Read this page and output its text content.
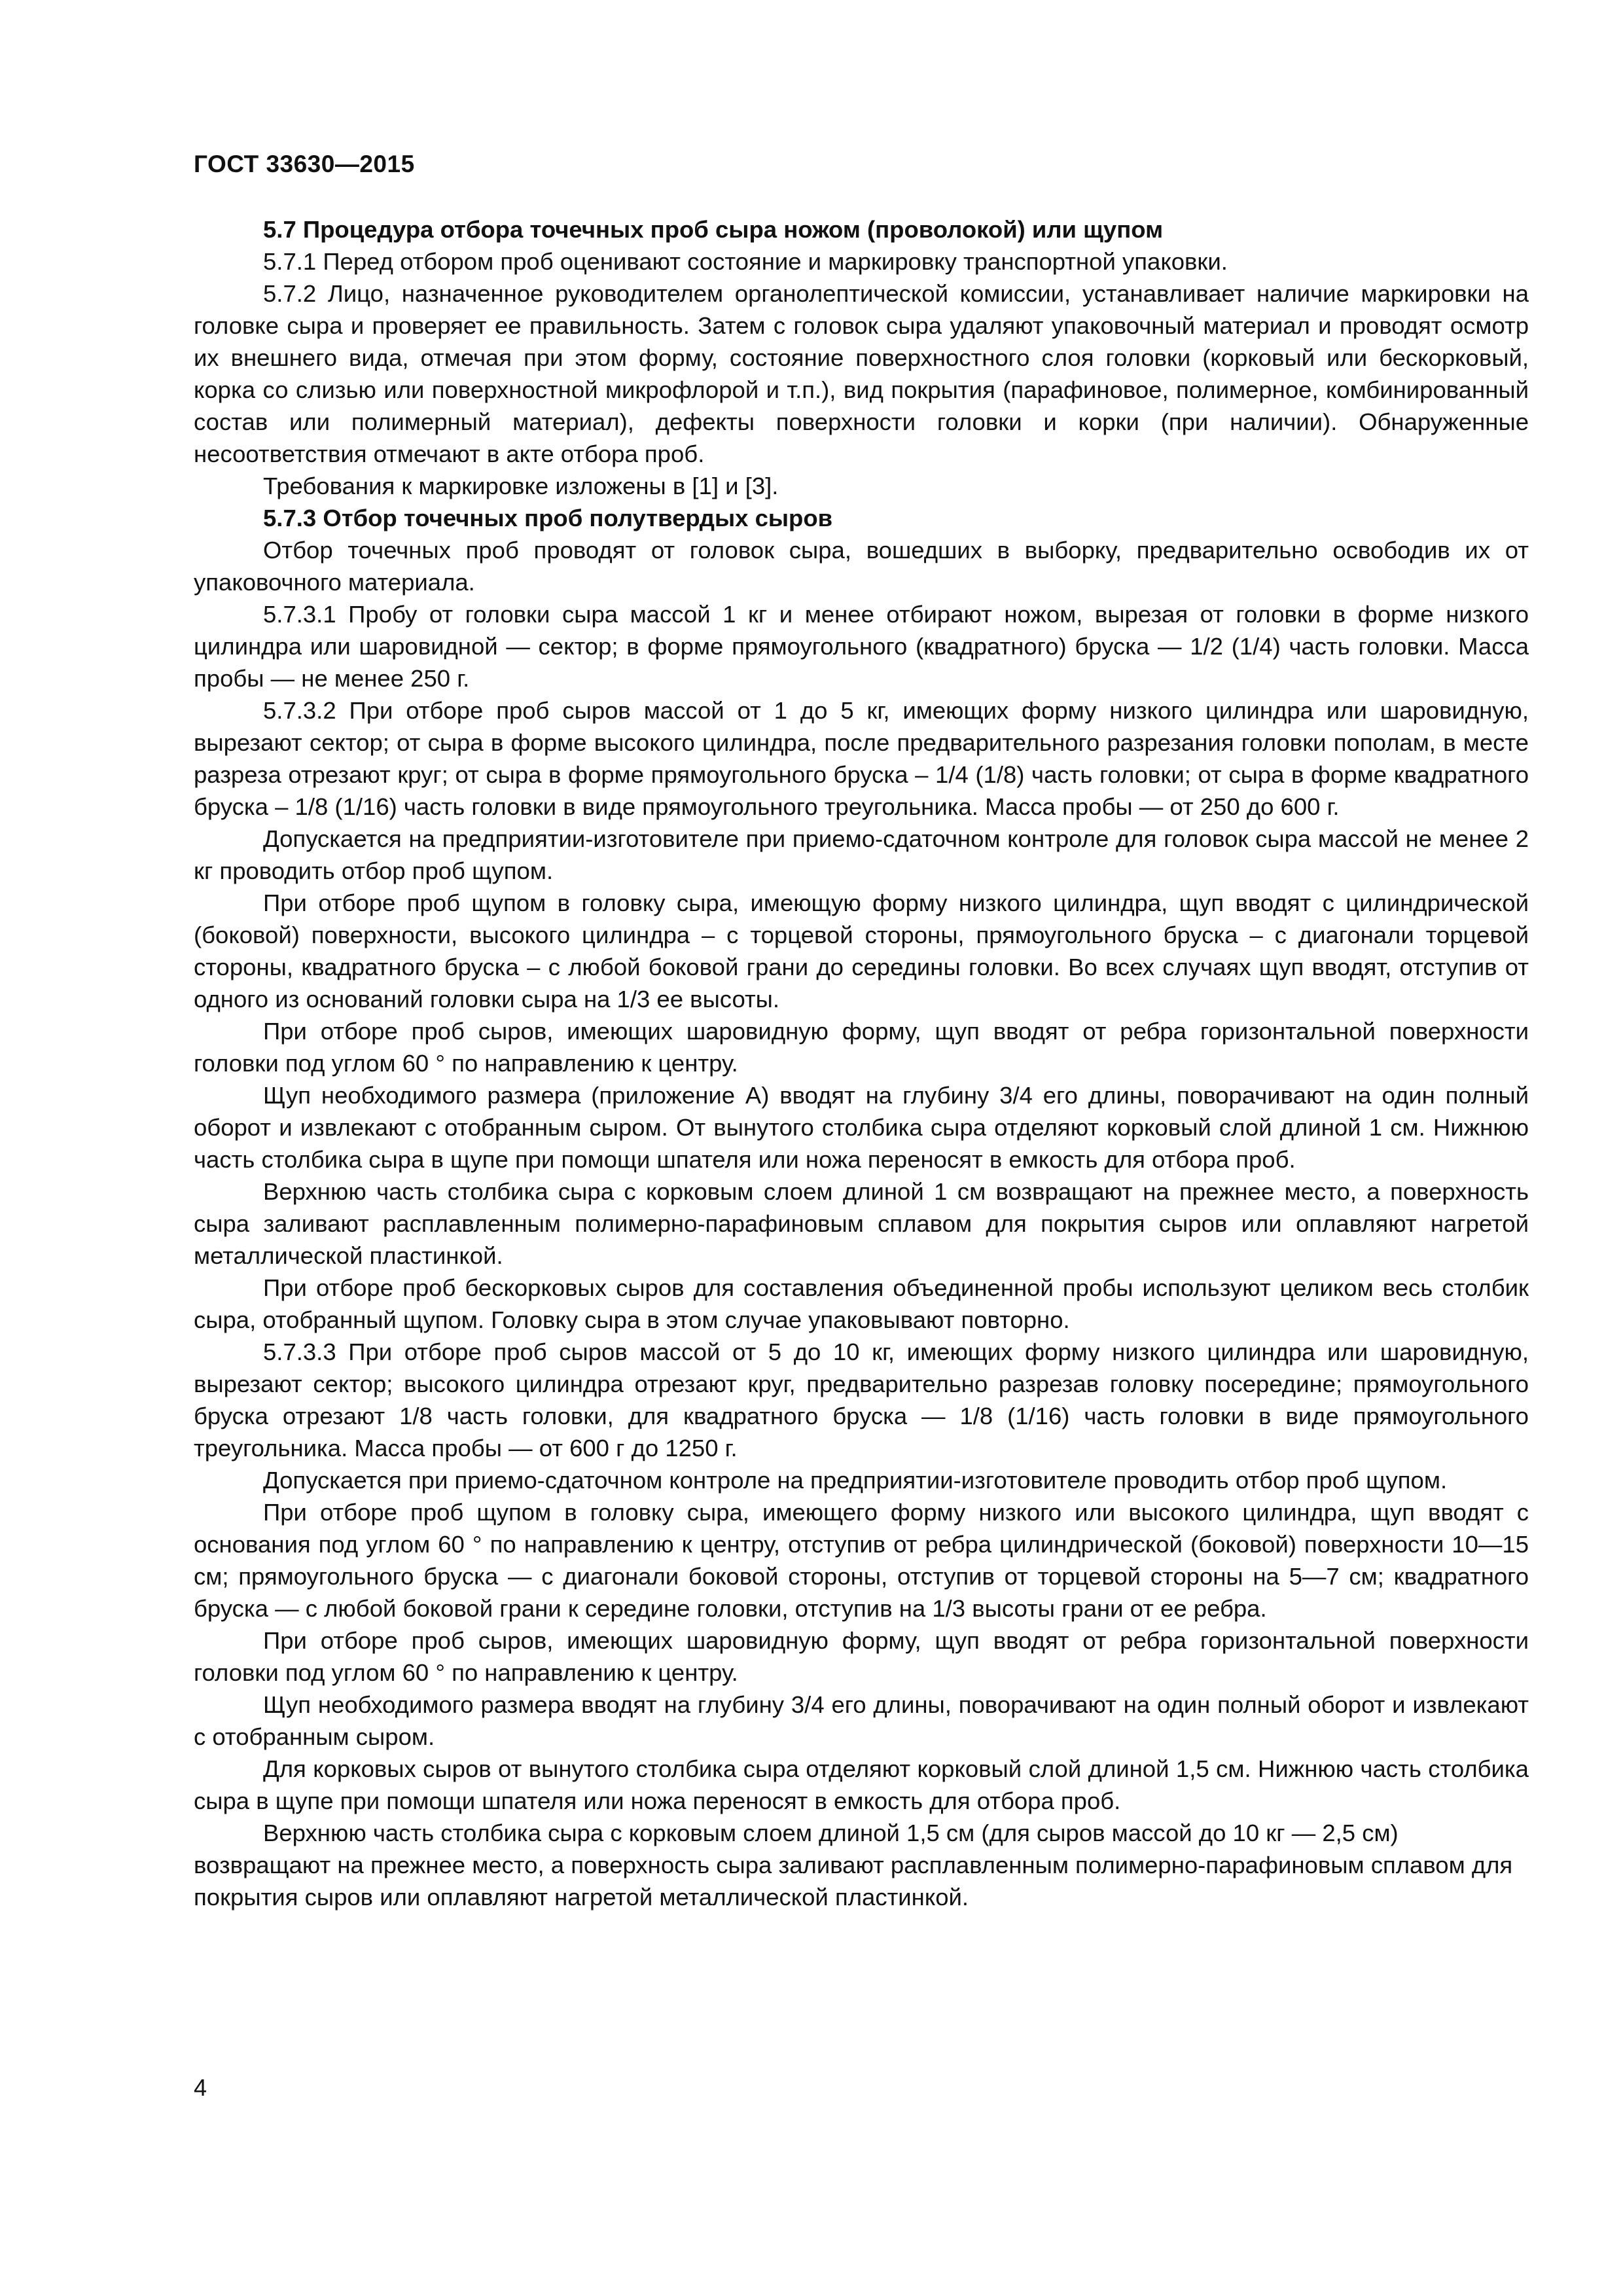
ГОСТ 33630—2015

5.7 Процедура отбора точечных проб сыра ножом (проволокой) или щупом

5.7.1 Перед отбором проб оценивают состояние и маркировку транспортной упаковки.

5.7.2 Лицо, назначенное руководителем органолептической комиссии, устанавливает наличие маркировки на головке сыра и проверяет ее правильность. Затем с головок сыра удаляют упаковочный материал и проводят осмотр их внешнего вида, отмечая при этом форму, состояние поверхностного слоя головки (корковый или бескорковый, корка со слизью или поверхностной микрофлорой и т.п.), вид покрытия (парафиновое, полимерное, комбинированный состав или полимерный материал), дефекты поверхности головки и корки (при наличии). Обнаруженные несоответствия отмечают в акте отбора проб.

Требования к маркировке изложены в [1] и [3].

5.7.3 Отбор точечных проб полутвердых сыров

Отбор точечных проб проводят от головок сыра, вошедших в выборку, предварительно освободив их от упаковочного материала.

5.7.3.1 Пробу от головки сыра массой 1 кг и менее отбирают ножом, вырезая от головки в форме низкого цилиндра или шаровидной — сектор; в форме прямоугольного (квадратного) бруска — 1/2 (1/4) часть головки. Масса пробы — не менее 250 г.

5.7.3.2 При отборе проб сыров массой от 1 до 5 кг, имеющих форму низкого цилиндра или шаровидную, вырезают сектор; от сыра в форме высокого цилиндра, после предварительного разрезания головки пополам, в месте разреза отрезают круг; от сыра в форме прямоугольного бруска – 1/4 (1/8) часть головки; от сыра в форме квадратного бруска – 1/8 (1/16) часть головки в виде прямоугольного треугольника. Масса пробы — от 250 до 600 г.

Допускается на предприятии-изготовителе при приемо-сдаточном контроле для головок сыра массой не менее 2 кг проводить отбор проб щупом.

При отборе проб щупом в головку сыра, имеющую форму низкого цилиндра, щуп вводят с цилиндрической (боковой) поверхности, высокого цилиндра – с торцевой стороны, прямоугольного бруска – с диагонали торцевой стороны, квадратного бруска – с любой боковой грани до середины головки. Во всех случаях щуп вводят, отступив от одного из оснований головки сыра на 1/3 ее высоты.

При отборе проб сыров, имеющих шаровидную форму, щуп вводят от ребра горизонтальной поверхности головки под углом 60 ° по направлению к центру.

Щуп необходимого размера (приложение А) вводят на глубину 3/4 его длины, поворачивают на один полный оборот и извлекают с отобранным сыром. От вынутого столбика сыра отделяют корковый слой длиной 1 см. Нижнюю часть столбика сыра в щупе при помощи шпателя или ножа переносят в емкость для отбора проб.

Верхнюю часть столбика сыра с корковым слоем длиной 1 см возвращают на прежнее место, а поверхность сыра заливают расплавленным полимерно-парафиновым сплавом для покрытия сыров или оплавляют нагретой металлической пластинкой.

При отборе проб бескорковых сыров для составления объединенной пробы используют целиком весь столбик сыра, отобранный щупом. Головку сыра в этом случае упаковывают повторно.

5.7.3.3 При отборе проб сыров массой от 5 до 10 кг, имеющих форму низкого цилиндра или шаровидную, вырезают сектор; высокого цилиндра отрезают круг, предварительно разрезав головку посередине; прямоугольного бруска отрезают 1/8 часть головки, для квадратного бруска — 1/8 (1/16) часть головки в виде прямоугольного треугольника. Масса пробы — от 600 г до 1250 г.

Допускается при приемо-сдаточном контроле на предприятии-изготовителе проводить отбор проб щупом.

При отборе проб щупом в головку сыра, имеющего форму низкого или высокого цилиндра, щуп вводят с основания под углом 60 ° по направлению к центру, отступив от ребра цилиндрической (боковой) поверхности 10—15 см; прямоугольного бруска — с диагонали боковой стороны, отступив от торцевой стороны на 5—7 см; квадратного бруска — с любой боковой грани к середине головки, отступив на 1/3 высоты грани от ее ребра.

При отборе проб сыров, имеющих шаровидную форму, щуп вводят от ребра горизонтальной поверхности головки под углом 60 ° по направлению к центру.

Щуп необходимого размера вводят на глубину 3/4 его длины, поворачивают на один полный оборот и извлекают с отобранным сыром.

Для корковых сыров от вынутого столбика сыра отделяют корковый слой длиной 1,5 см. Нижнюю часть столбика сыра в щупе при помощи шпателя или ножа переносят в емкость для отбора проб.

Верхнюю часть столбика сыра с корковым слоем длиной 1,5 см (для сыров массой до 10 кг — 2,5 см) возвращают на прежнее место, а поверхность сыра заливают расплавленным полимерно-парафиновым сплавом для покрытия сыров или оплавляют нагретой металлической пластинкой.

4
